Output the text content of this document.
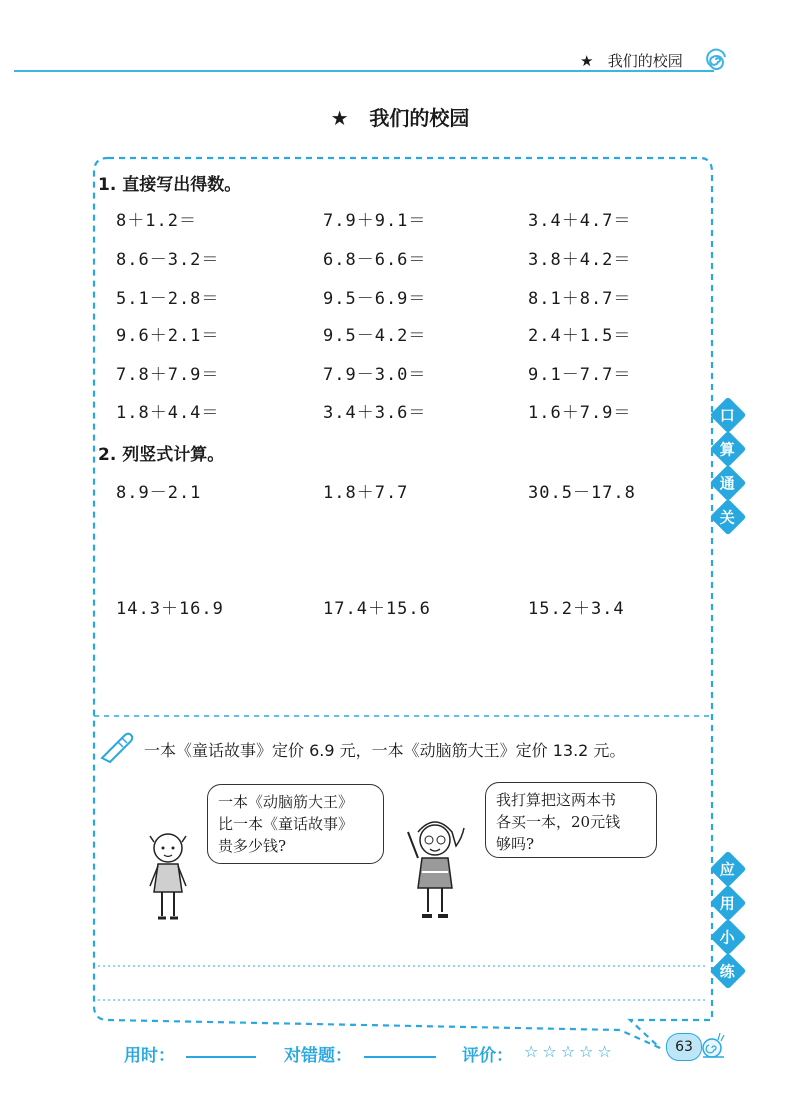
★ 我们的校园
★ 我们的校园
1. 直接写出得数。
8＋1.2＝	7.9＋9.1＝	3.4＋4.7＝
8.6－3.2＝	6.8－6.6＝	3.8＋4.2＝
5.1－2.8＝	9.5－6.9＝	8.1＋8.7＝
9.6＋2.1＝	9.5－4.2＝	2.4＋1.5＝
7.8＋7.9＝	7.9－3.0＝	9.1－7.7＝
1.8＋4.4＝	3.4＋3.6＝	1.6＋7.9＝
2. 列竖式计算。
8.9－2.1	1.8＋7.7	30.5－17.8
14.3＋16.9	17.4＋15.6	15.2＋3.4
口
算
通
关
应
用
小
练
一本《童话故事》定价 6.9 元，一本《动脑筋大王》定价 13.2 元。
一本《动脑筋大王》
比一本《童话故事》
贵多少钱?
我打算把这两本书
各买一本，20元钱
够吗?
用时：	对错题：	评价： ☆☆☆☆☆	63
